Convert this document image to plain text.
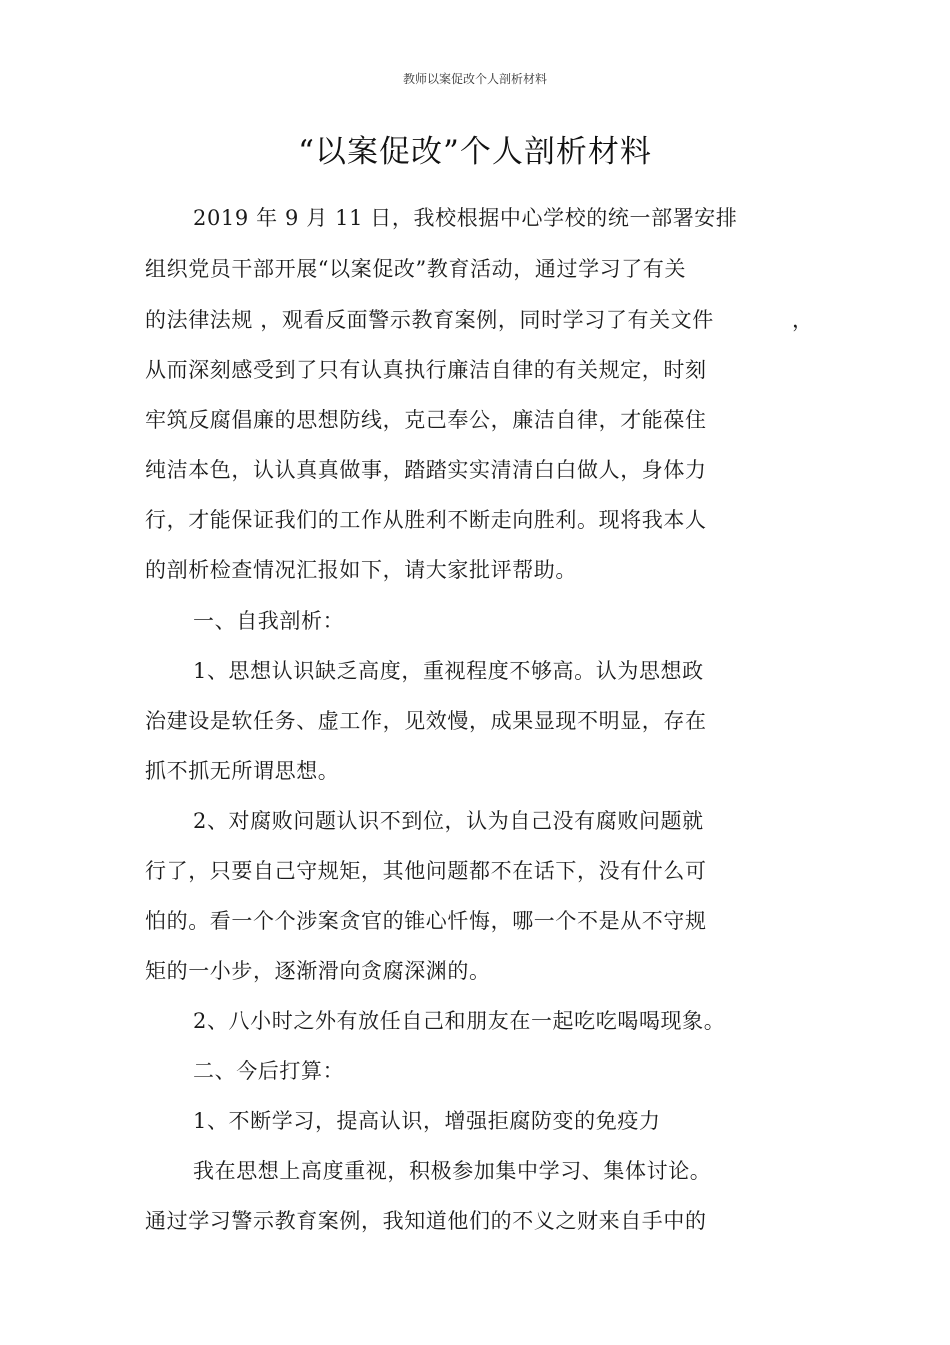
教师以案促改个人剖析材料
“以案促改”个人剖析材料
2019 年 9 月 11 日，我校根据中心学校的统一部署安排
组织党员干部开展“以案促改”教育活动，通过学习了有关
的法律法规 ，观看反面警示教育案例，同时学习了有关文件	，
从而深刻感受到了只有认真执行廉洁自律的有关规定，时刻
牢筑反腐倡廉的思想防线，克己奉公，廉洁自律，才能葆住
纯洁本色，认认真真做事，踏踏实实清清白白做人，身体力
行，才能保证我们的工作从胜利不断走向胜利。现将我本人
的剖析检查情况汇报如下，请大家批评帮助。
一、自我剖析：
1、思想认识缺乏高度，重视程度不够高。认为思想政
治建设是软任务、虚工作，见效慢，成果显现不明显，存在
抓不抓无所谓思想。
2、对腐败问题认识不到位，认为自己没有腐败问题就
行了，只要自己守规矩，其他问题都不在话下，没有什么可
怕的。看一个个涉案贪官的锥心忏悔，哪一个不是从不守规
矩的一小步，逐渐滑向贪腐深渊的。
2、八小时之外有放任自己和朋友在一起吃吃喝喝现象。
二、今后打算：
1、不断学习，提高认识，增强拒腐防变的免疫力
我在思想上高度重视，积极参加集中学习、集体讨论。
通过学习警示教育案例，我知道他们的不义之财来自手中的
